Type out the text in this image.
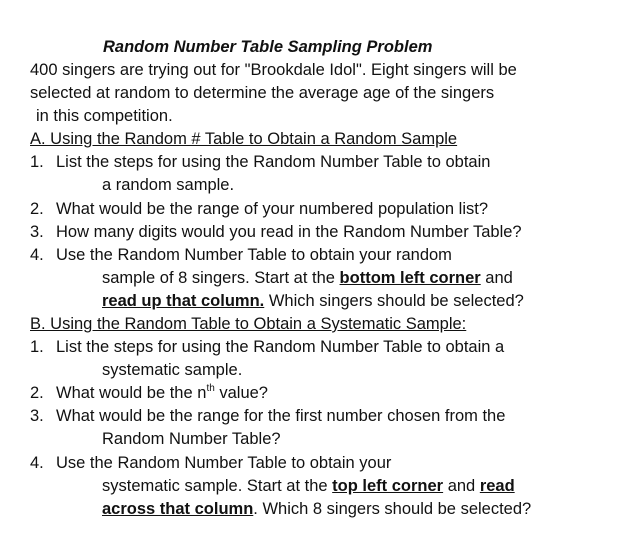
Random Number Table Sampling Problem
400 singers are trying out for "Brookdale Idol". Eight singers will be
selected at random to determine the average age of the singers
in this competition.
A. Using the Random # Table to Obtain a Random Sample
1. List the steps for using the Random Number Table to obtain
a random sample.
2. What would be the range of your numbered population list?
3. How many digits would you read in the Random Number Table?
4. Use the Random Number Table to obtain your random
sample of 8 singers. Start at the bottom left corner and
read up that column. Which singers should be selected?
B. Using the Random Table to Obtain a Systematic Sample:
1. List the steps for using the Random Number Table to obtain a
systematic sample.
2. What would be the $n^{th}$ value?
3. What would be the range for the first number chosen from the
Random Number Table?
4. Use the Random Number Table to obtain your
systematic sample. Start at the top left corner and read
across that column. Which 8 singers should be selected?
